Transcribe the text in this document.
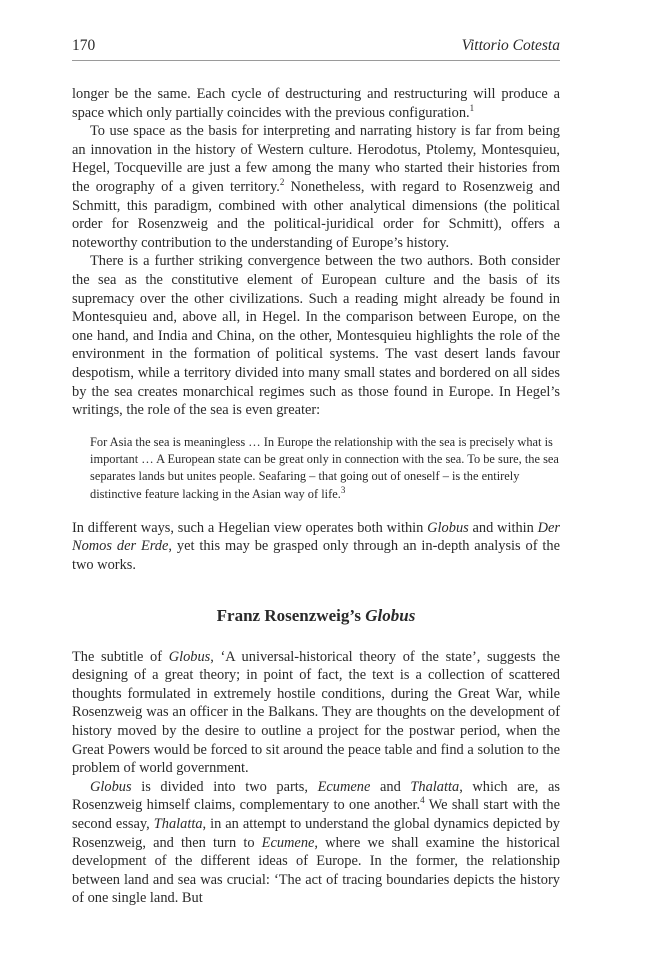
170	Vittorio Cotesta

longer be the same. Each cycle of destructuring and restructuring will produce a space which only partially coincides with the previous configuration.$^1$

To use space as the basis for interpreting and narrating history is far from being an innovation in the history of Western culture. Herodotus, Ptolemy, Montesquieu, Hegel, Tocqueville are just a few among the many who started their histories from the orography of a given territory.$^2$ Nonetheless, with regard to Rosenzweig and Schmitt, this paradigm, combined with other analytical dimensions (the political order for Rosenzweig and the political-juridical order for Schmitt), offers a noteworthy contribution to the understanding of Europe’s history.

There is a further striking convergence between the two authors. Both consider the sea as the constitutive element of European culture and the basis of its supremacy over the other civilizations. Such a reading might already be found in Montesquieu and, above all, in Hegel. In the comparison between Europe, on the one hand, and India and China, on the other, Montesquieu highlights the role of the environment in the formation of political systems. The vast desert lands favour despotism, while a territory divided into many small states and bordered on all sides by the sea creates monarchical regimes such as those found in Europe. In Hegel’s writings, the role of the sea is even greater:

For Asia the sea is meaningless … In Europe the relationship with the sea is precisely what is important … A European state can be great only in connection with the sea. To be sure, the sea separates lands but unites people. Seafaring – that going out of oneself – is the entirely distinctive feature lacking in the Asian way of life.$^3$

In different ways, such a Hegelian view operates both within Globus and within Der Nomos der Erde, yet this may be grasped only through an in-depth analysis of the two works.

Franz Rosenzweig’s Globus

The subtitle of Globus, ‘A universal-historical theory of the state’, suggests the designing of a great theory; in point of fact, the text is a collection of scattered thoughts formulated in extremely hostile conditions, during the Great War, while Rosenzweig was an officer in the Balkans. They are thoughts on the development of history moved by the desire to outline a project for the postwar period, when the Great Powers would be forced to sit around the peace table and find a solution to the problem of world government.

Globus is divided into two parts, Ecumene and Thalatta, which are, as Rosenzweig himself claims, complementary to one another.$^4$ We shall start with the second essay, Thalatta, in an attempt to understand the global dynamics depicted by Rosenzweig, and then turn to Ecumene, where we shall examine the historical development of the different ideas of Europe. In the former, the relationship between land and sea was crucial: ‘The act of tracing boundaries depicts the history of one single land. But
